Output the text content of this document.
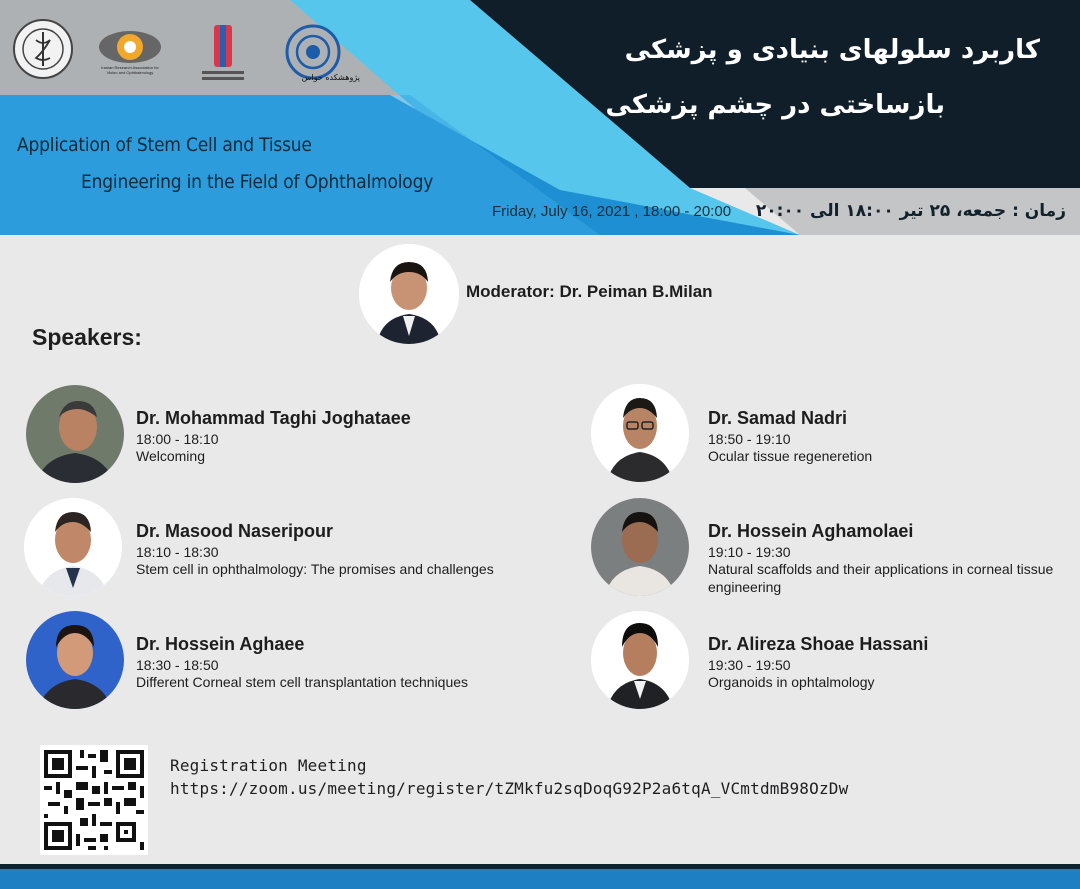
Iranian Research Association for
Vision and Ophthalmology
پژوهشکده حواس
کاربرد سلولهای بنیادی و پزشکی
بازساختی در چشم پزشکی
Application of Stem Cell and Tissue
Engineering in the Field of Ophthalmology
Friday, July 16, 2021 , 18:00 - 20:00 زمان : جمعه، ۲۵ تیر ۱۸:۰۰ الی ۲۰:۰۰
Moderator: Dr. Peiman B.Milan
Speakers:
Dr. Mohammad Taghi Joghataee
18:00 - 18:10
Welcoming
Dr. Masood Naseripour
18:10 - 18:30
Stem cell in ophthalmology: The promises and challenges
Dr. Hossein Aghaee
18:30 - 18:50
Different Corneal stem cell transplantation techniques
Dr. Samad Nadri
18:50 - 19:10
Ocular tissue regeneretion
Dr. Hossein Aghamolaei
19:10 - 19:30
Natural scaffolds and their applications in corneal tissue engineering
Dr. Alireza Shoae Hassani
19:30 - 19:50
Organoids in ophtalmology
Registration Meeting
https://zoom.us/meeting/register/tZMkfu2sqDoqG92P2a6tqA_VCmtdmB98OzDw
